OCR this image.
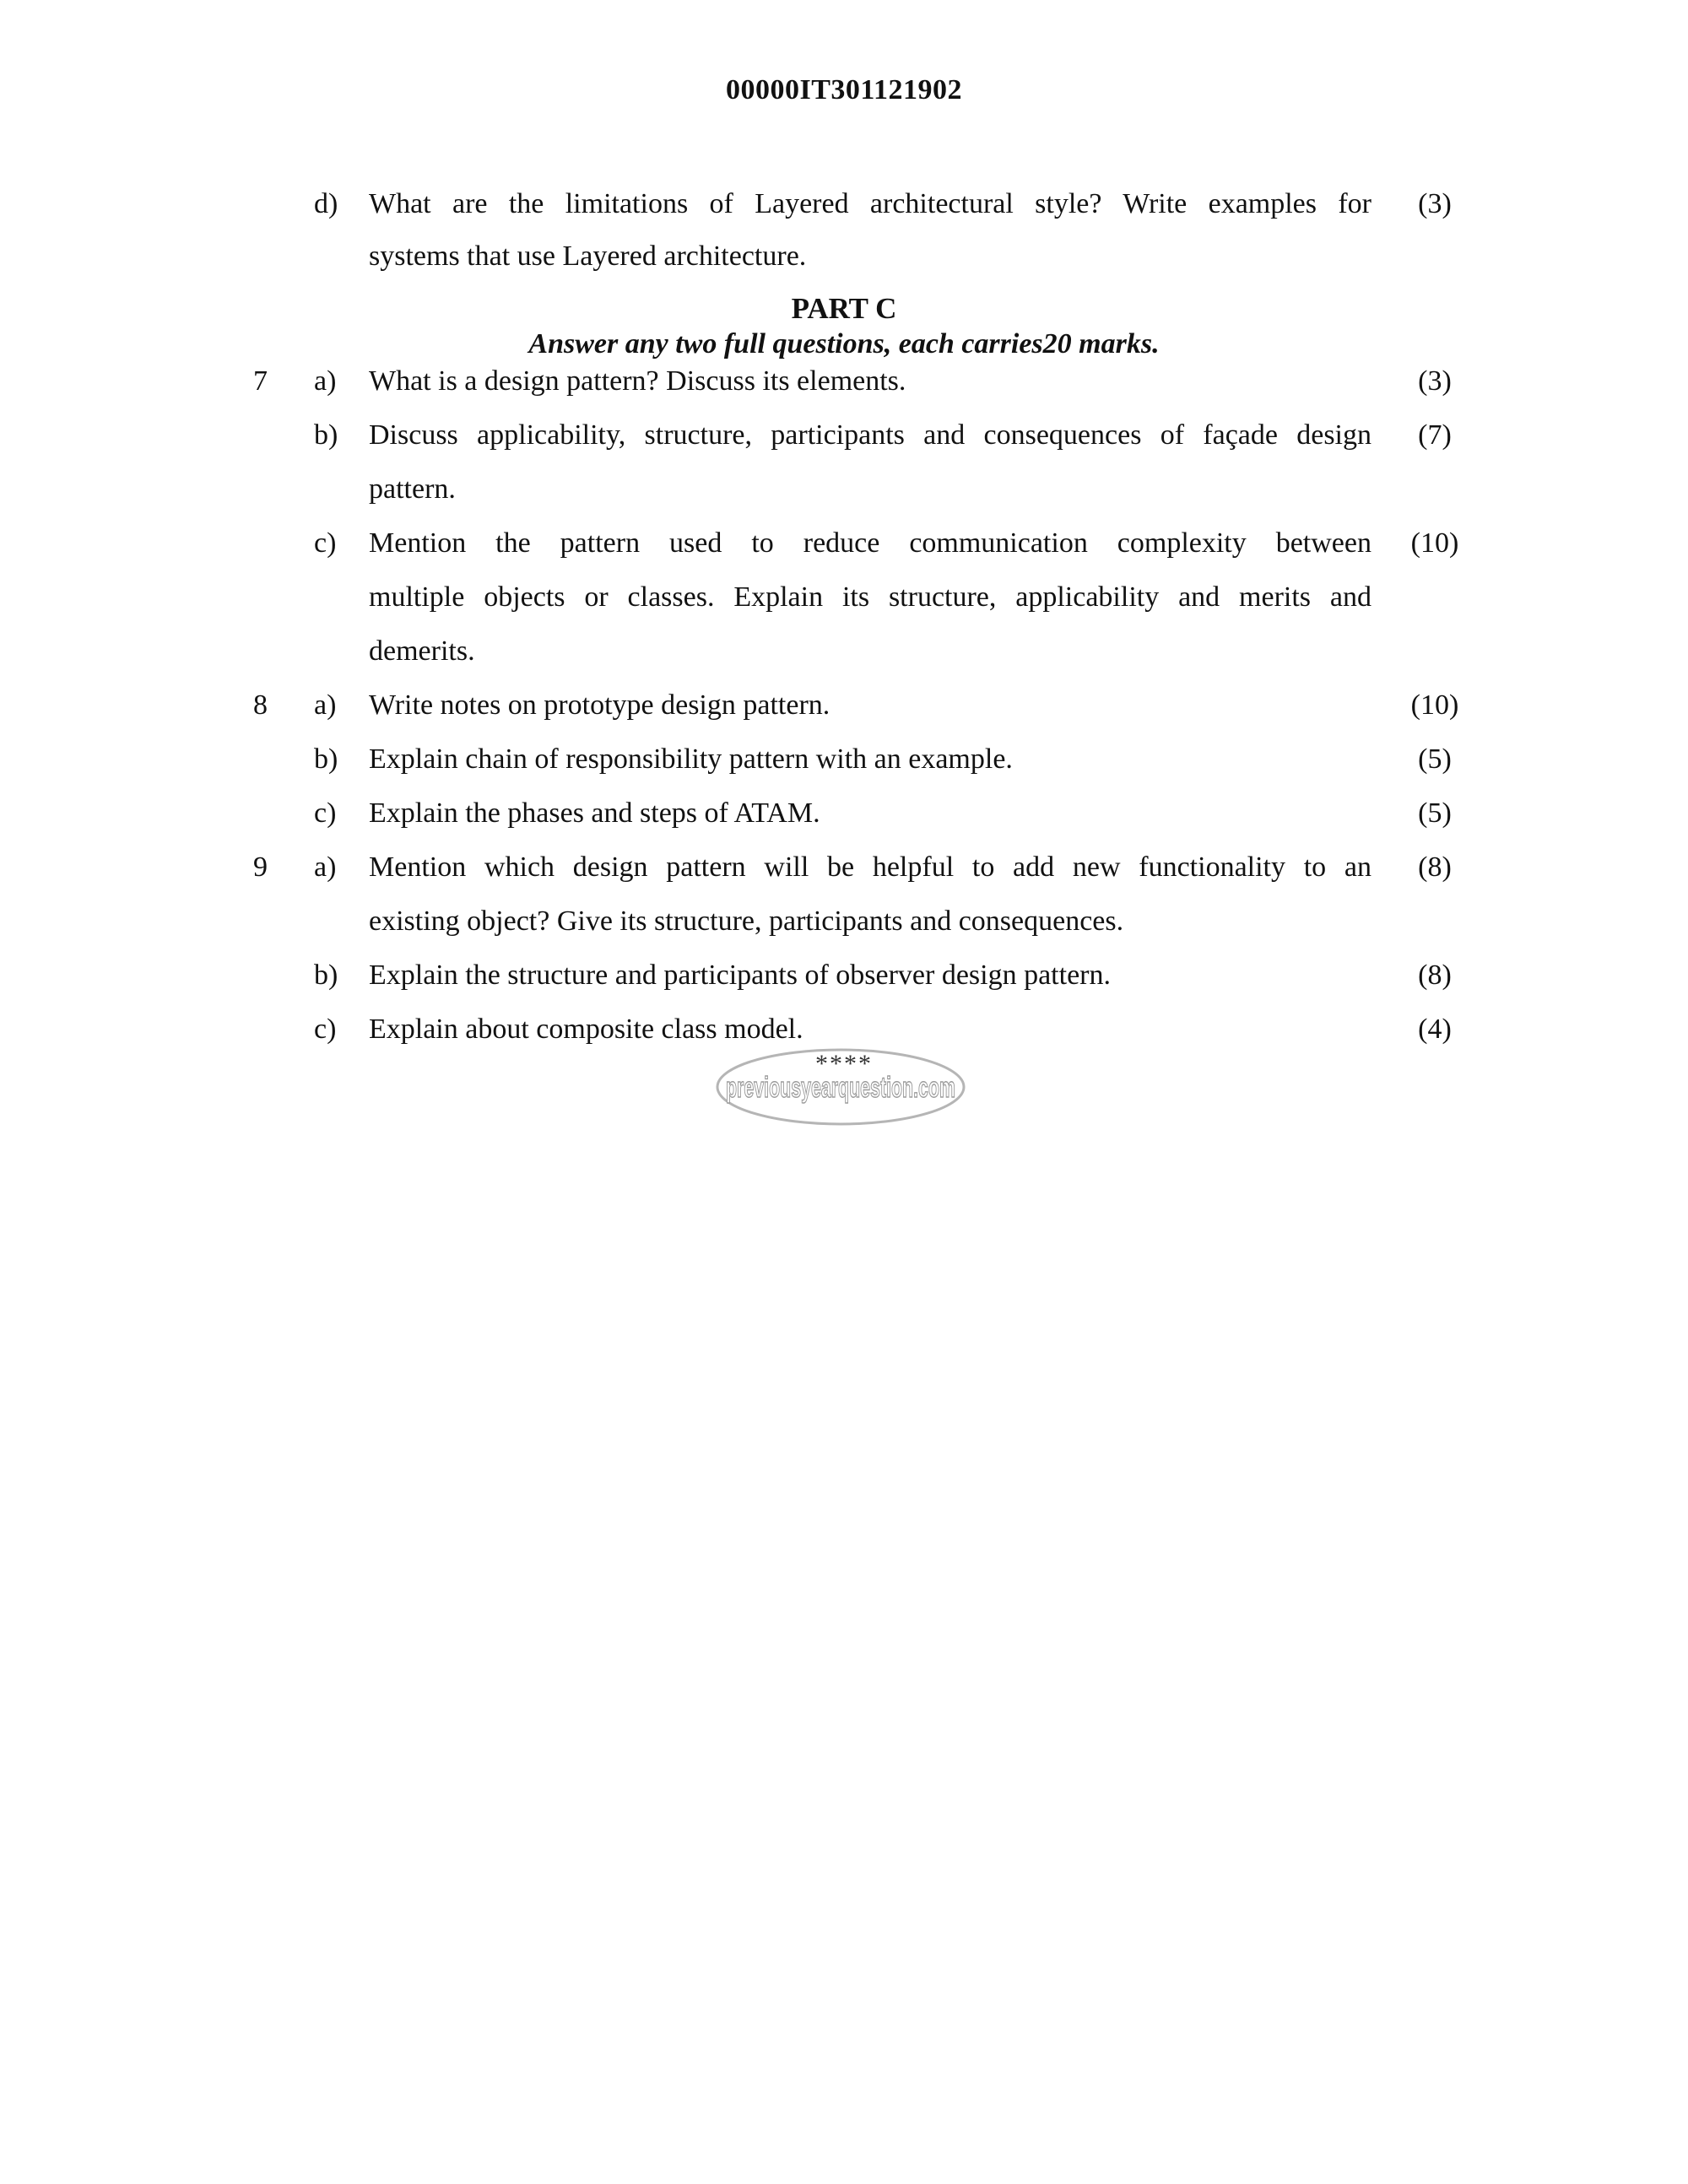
00000IT301121902
d) What are the limitations of Layered architectural style? Write examples for	(3)
systems that use Layered architecture.
PART C
Answer any two full questions, each carries20 marks.
7 a) What is a design pattern? Discuss its elements.	(3)
b) Discuss applicability, structure, participants and consequences of façade design	(7)
pattern.
c) Mention the pattern used to reduce communication complexity between	(10)
multiple objects or classes. Explain its structure, applicability and merits and
demerits.
8 a) Write notes on prototype design pattern.	(10)
b) Explain chain of responsibility pattern with an example.	(5)
c) Explain the phases and steps of ATAM.	(5)
9 a) Mention which design pattern will be helpful to add new functionality to an	(8)
existing object? Give its structure, participants and consequences.
b) Explain the structure and participants of observer design pattern.	(8)
c) Explain about composite class model.	(4)
****
previousyearquestion.com
